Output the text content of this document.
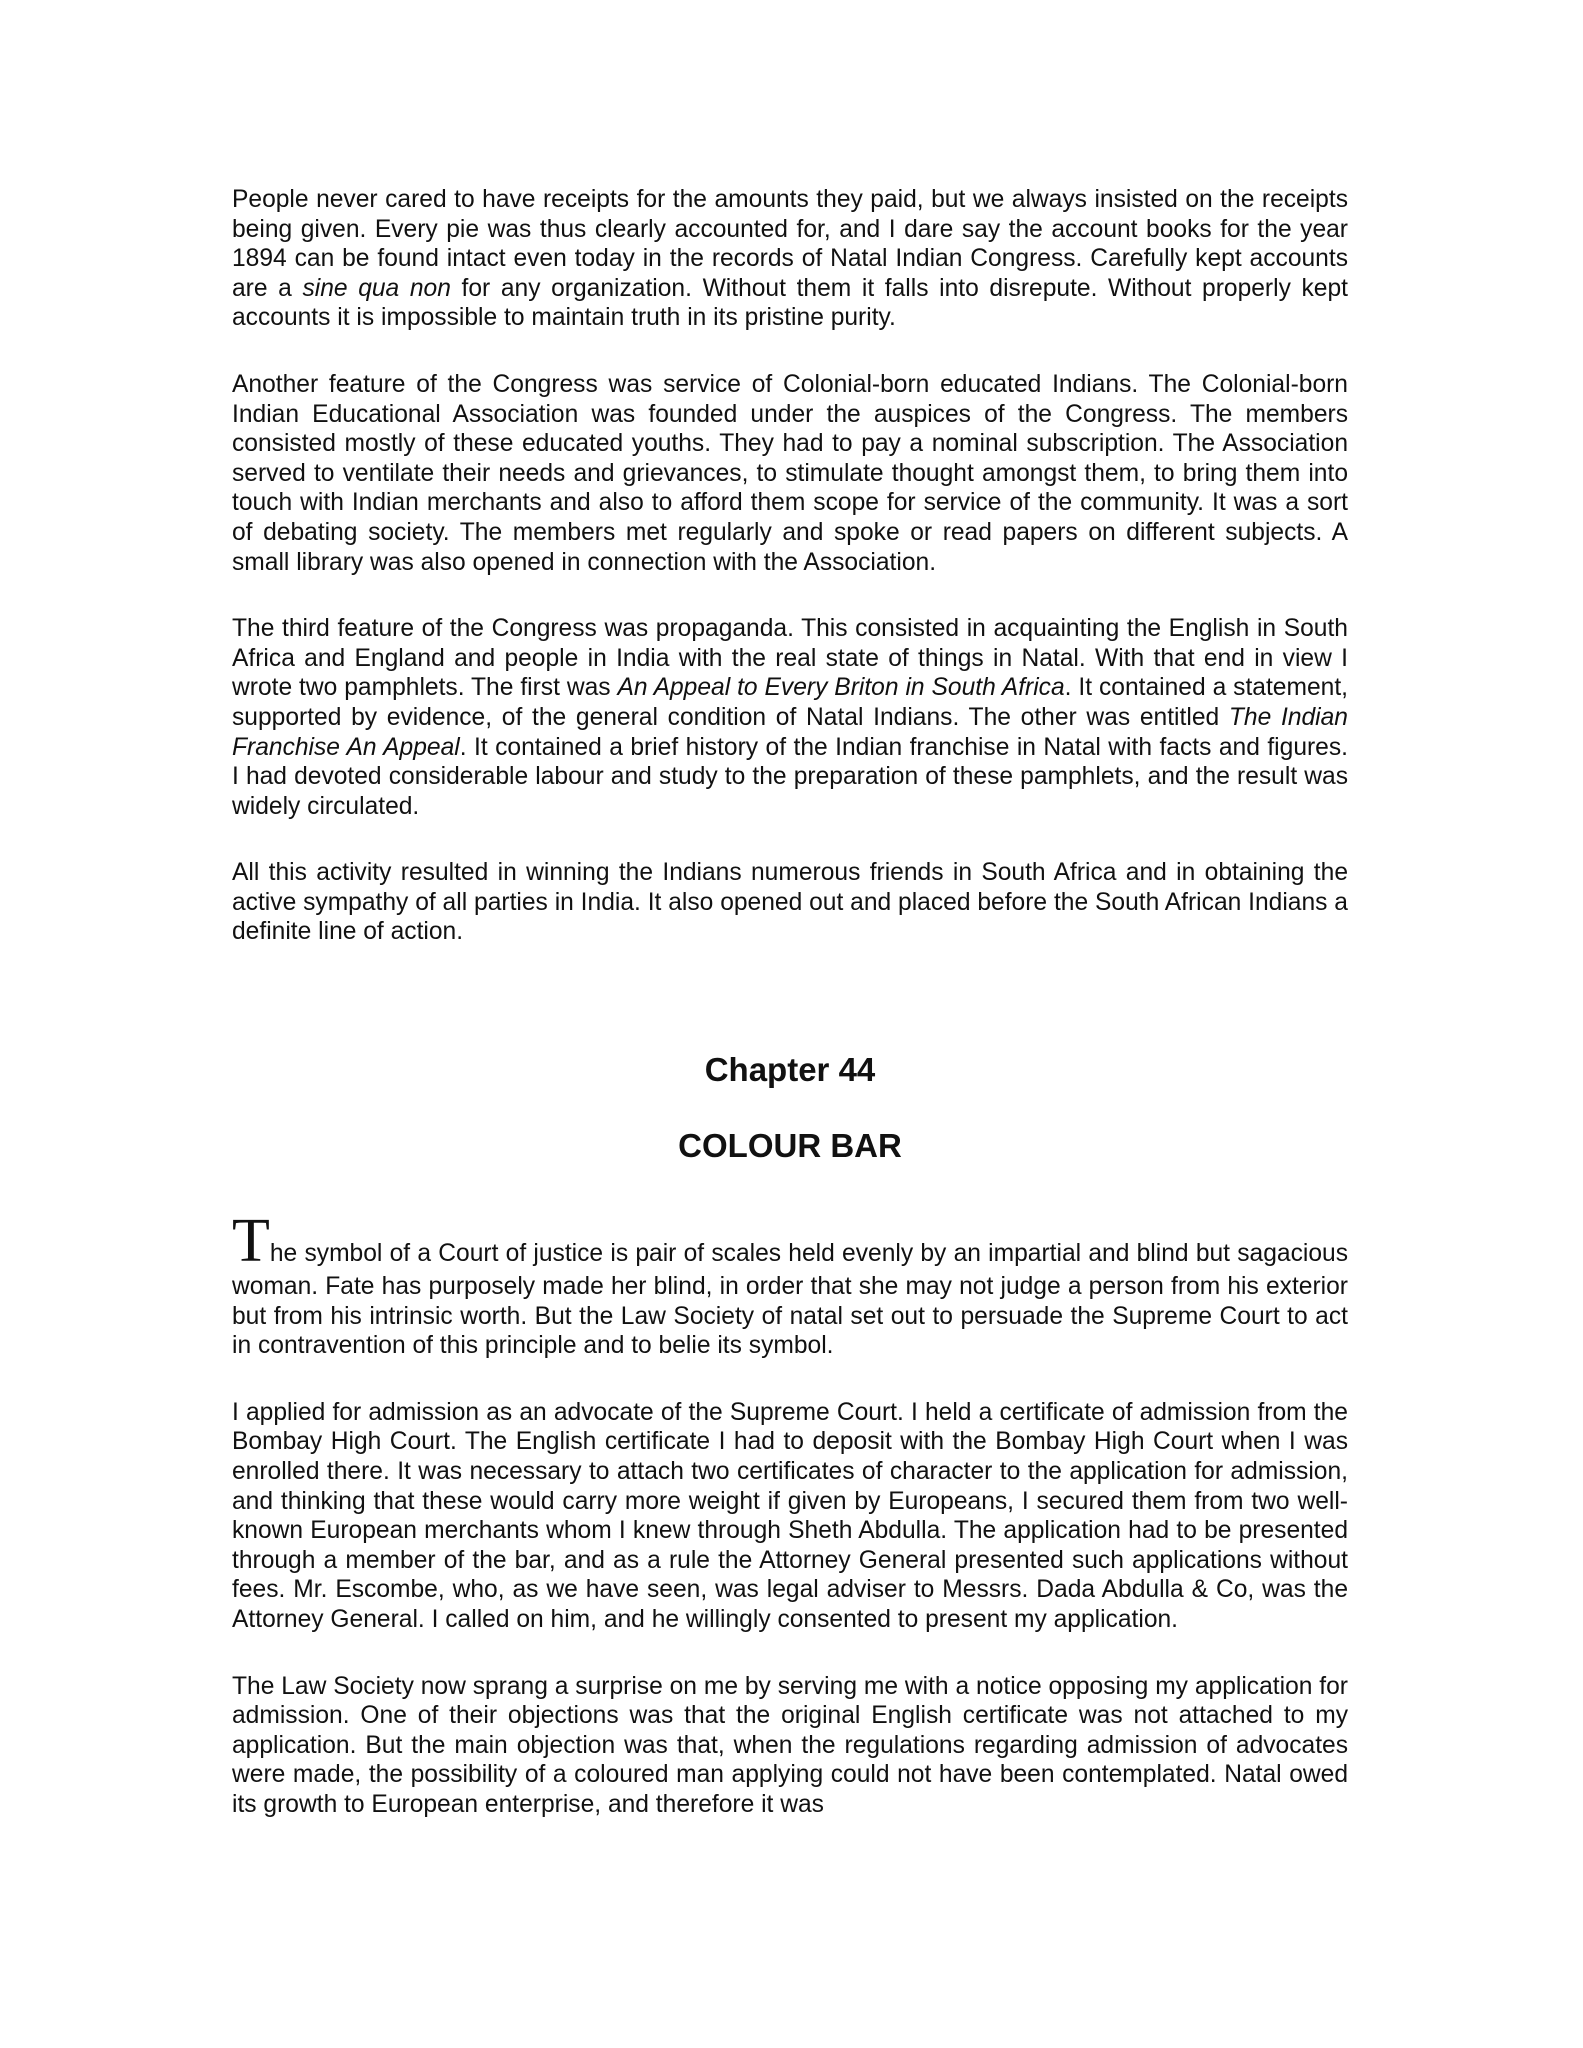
People never cared to have receipts for the amounts they paid, but we always insisted on the receipts being given. Every pie was thus clearly accounted for, and I dare say the account books for the year 1894 can be found intact even today in the records of Natal Indian Congress. Carefully kept accounts are a sine qua non for any organization. Without them it falls into disrepute. Without properly kept accounts it is impossible to maintain truth in its pristine purity.

Another feature of the Congress was service of Colonial-born educated Indians. The Colonial-born Indian Educational Association was founded under the auspices of the Congress. The members consisted mostly of these educated youths. They had to pay a nominal subscription. The Association served to ventilate their needs and grievances, to stimulate thought amongst them, to bring them into touch with Indian merchants and also to afford them scope for service of the community. It was a sort of debating society. The members met regularly and spoke or read papers on different subjects. A small library was also opened in connection with the Association.

The third feature of the Congress was propaganda. This consisted in acquainting the English in South Africa and England and people in India with the real state of things in Natal. With that end in view I wrote two pamphlets. The first was An Appeal to Every Briton in South Africa. It contained a statement, supported by evidence, of the general condition of Natal Indians. The other was entitled The Indian Franchise An Appeal. It contained a brief history of the Indian franchise in Natal with facts and figures. I had devoted considerable labour and study to the preparation of these pamphlets, and the result was widely circulated.

All this activity resulted in winning the Indians numerous friends in South Africa and in obtaining the active sympathy of all parties in India. It also opened out and placed before the South African Indians a definite line of action.

Chapter 44
COLOUR BAR

The symbol of a Court of justice is pair of scales held evenly by an impartial and blind but sagacious woman. Fate has purposely made her blind, in order that she may not judge a person from his exterior but from his intrinsic worth. But the Law Society of natal set out to persuade the Supreme Court to act in contravention of this principle and to belie its symbol.

I applied for admission as an advocate of the Supreme Court. I held a certificate of admission from the Bombay High Court. The English certificate I had to deposit with the Bombay High Court when I was enrolled there. It was necessary to attach two certificates of character to the application for admission, and thinking that these would carry more weight if given by Europeans, I secured them from two well-known European merchants whom I knew through Sheth Abdulla. The application had to be presented through a member of the bar, and as a rule the Attorney General presented such applications without fees. Mr. Escombe, who, as we have seen, was legal adviser to Messrs. Dada Abdulla & Co, was the Attorney General. I called on him, and he willingly consented to present my application.

The Law Society now sprang a surprise on me by serving me with a notice opposing my application for admission. One of their objections was that the original English certificate was not attached to my application. But the main objection was that, when the regulations regarding admission of advocates were made, the possibility of a coloured man applying could not have been contemplated. Natal owed its growth to European enterprise, and therefore it was
